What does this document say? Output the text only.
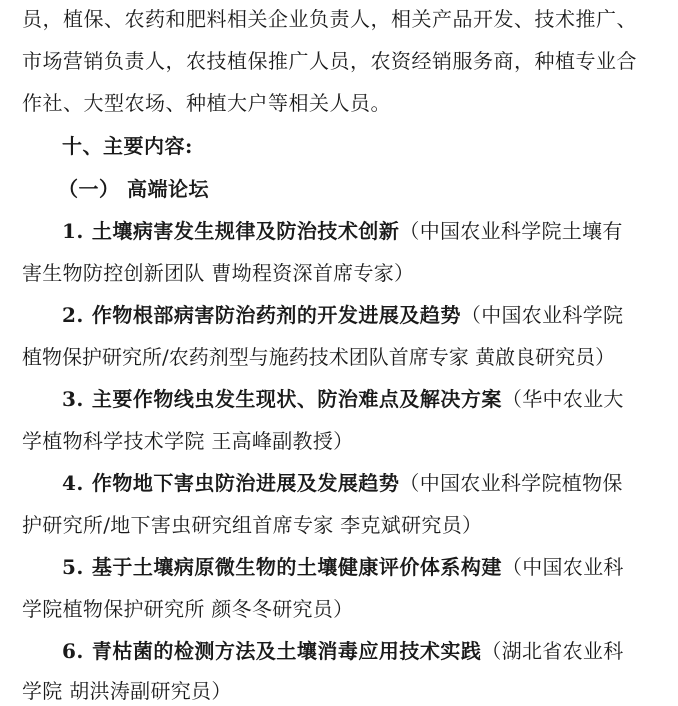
员，植保、农药和肥料相关企业负责人，相关产品开发、技术推广、
市场营销负责人，农技植保推广人员，农资经销服务商，种植专业合
作社、大型农场、种植大户等相关人员。
十、主要内容:
（一） 高端论坛
1. 土壤病害发生规律及防治技术创新（中国农业科学院土壤有
害生物防控创新团队 曹坳程资深首席专家）
2. 作物根部病害防治药剂的开发进展及趋势（中国农业科学院
植物保护研究所/农药剂型与施药技术团队首席专家 黄啟良研究员）
3. 主要作物线虫发生现状、防治难点及解决方案（华中农业大
学植物科学技术学院 王高峰副教授）
4. 作物地下害虫防治进展及发展趋势（中国农业科学院植物保
护研究所/地下害虫研究组首席专家 李克斌研究员）
5. 基于土壤病原微生物的土壤健康评价体系构建（中国农业科
学院植物保护研究所 颜冬冬研究员）
6. 青枯菌的检测方法及土壤消毒应用技术实践（湖北省农业科
学院 胡洪涛副研究员）
